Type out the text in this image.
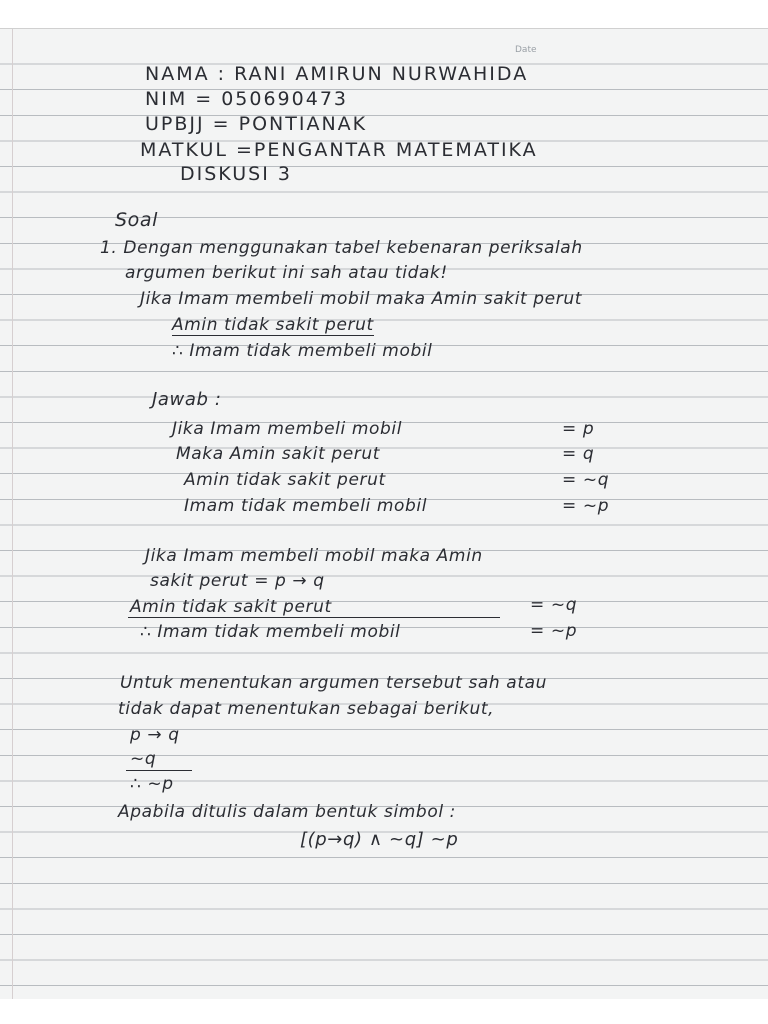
Date
NAMA : RANI AMIRUN NURWAHIDA
NIM = 050690473
UPBJJ = PONTIANAK
MATKUL =PENGANTAR MATEMATIKA
DISKUSI 3
Soal
1. Dengan menggunakan tabel kebenaran periksalah
argumen berikut ini sah atau tidak!
Jika Imam membeli mobil maka Amin sakit perut
Amin tidak sakit perut
∴ Imam tidak membeli mobil
Jawab :
Jika Imam membeli mobil	= p
Maka Amin sakit perut	= q
Amin tidak sakit perut	= ~q
Imam tidak membeli mobil	= ~p
Jika Imam membeli mobil maka Amin
sakit perut = p → q
Amin tidak sakit perut	= ~q
∴ Imam tidak membeli mobil	= ~p
Untuk menentukan argumen tersebut sah atau
tidak dapat menentukan sebagai berikut,
p → q
~q
∴ ~p
Apabila ditulis dalam bentuk simbol :
[(p→q) ∧ ~q] ~p
